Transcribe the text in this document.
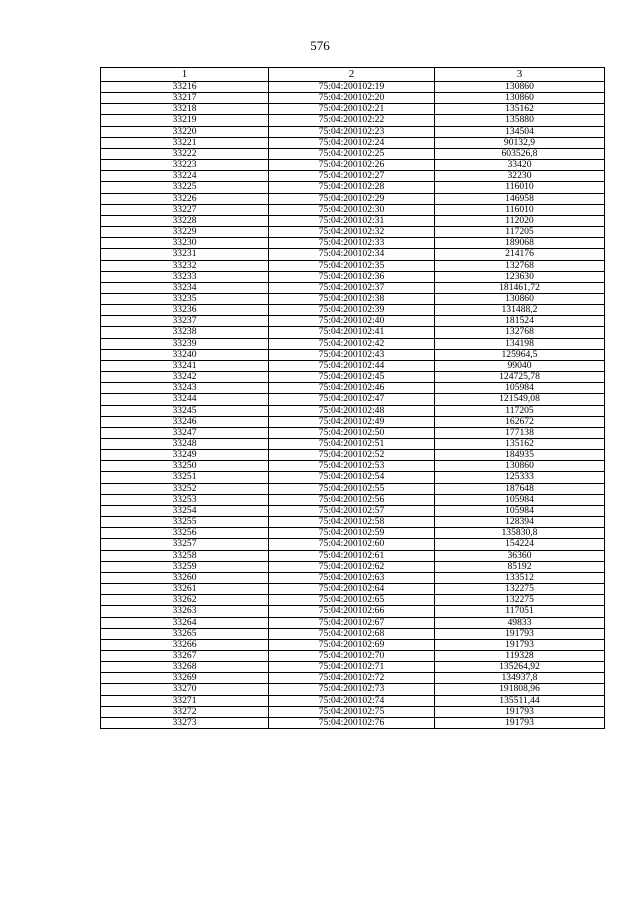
576
1	2	3
33216	75:04:200102:19	130860
33217	75:04:200102:20	130860
33218	75:04:200102:21	135162
33219	75:04:200102:22	135880
33220	75:04:200102:23	134504
33221	75:04:200102:24	90132,9
33222	75:04:200102:25	603526,8
33223	75:04:200102:26	33420
33224	75:04:200102:27	32230
33225	75:04:200102:28	116010
33226	75:04:200102:29	146958
33227	75:04:200102:30	116010
33228	75:04:200102:31	112020
33229	75:04:200102:32	117205
33230	75:04:200102:33	189068
33231	75:04:200102:34	214176
33232	75:04:200102:35	132768
33233	75:04:200102:36	123630
33234	75:04:200102:37	181461,72
33235	75:04:200102:38	130860
33236	75:04:200102:39	131488,2
33237	75:04:200102:40	181524
33238	75:04:200102:41	132768
33239	75:04:200102:42	134198
33240	75:04:200102:43	125964,5
33241	75:04:200102:44	99040
33242	75:04:200102:45	124725,78
33243	75:04:200102:46	105984
33244	75:04:200102:47	121549,08
33245	75:04:200102:48	117205
33246	75:04:200102:49	162672
33247	75:04:200102:50	177138
33248	75:04:200102:51	135162
33249	75:04:200102:52	184935
33250	75:04:200102:53	130860
33251	75:04:200102:54	125333
33252	75:04:200102:55	187648
33253	75:04:200102:56	105984
33254	75:04:200102:57	105984
33255	75:04:200102:58	128394
33256	75:04:200102:59	135830,8
33257	75:04:200102:60	154224
33258	75:04:200102:61	36360
33259	75:04:200102:62	85192
33260	75:04:200102:63	133512
33261	75:04:200102:64	132275
33262	75:04:200102:65	132275
33263	75:04:200102:66	117051
33264	75:04:200102:67	49833
33265	75:04:200102:68	191793
33266	75:04:200102:69	191793
33267	75:04:200102:70	119328
33268	75:04:200102:71	135264,92
33269	75:04:200102:72	134937,8
33270	75:04:200102:73	191808,96
33271	75:04:200102:74	135511,44
33272	75:04:200102:75	191793
33273	75:04:200102:76	191793
